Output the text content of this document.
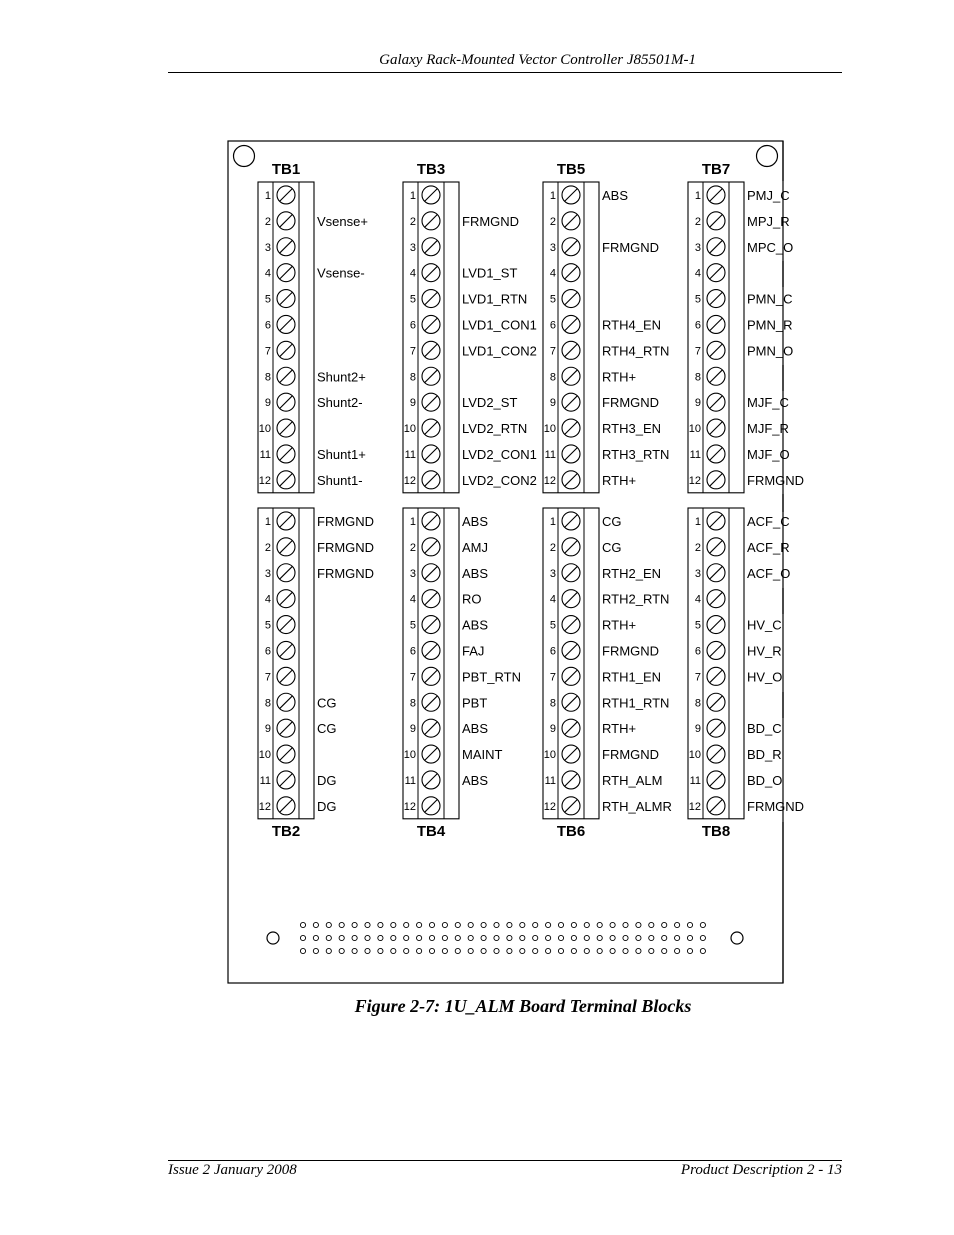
Galaxy Rack-Mounted Vector Controller J85501M-1
TB1
1
2	Vsense+
3
4	Vsense-
5
6
7
8	Shunt2+
9	Shunt2-
10
11	Shunt1+
12	Shunt1-
TB3
1
2	FRMGND
3
4	LVD1_ST
5	LVD1_RTN
6	LVD1_CON1
7	LVD1_CON2
8
9	LVD2_ST
10	LVD2_RTN
11	LVD2_CON1
12	LVD2_CON2
TB5
1	ABS
2
3	FRMGND
4
5
6	RTH4_EN
7	RTH4_RTN
8	RTH+
9	FRMGND
10	RTH3_EN
11	RTH3_RTN
12	RTH+
TB7
1	PMJ_C
2	MPJ_R
3	MPC_O
4
5	PMN_C
6	PMN_R
7	PMN_O
8
9	MJF_C
10	MJF_R
11	MJF_O
12	FRMGND
TB2
1	FRMGND
2	FRMGND
3	FRMGND
4
5
6
7
8	CG
9	CG
10
11	DG
12	DG
TB4
1	ABS
2	AMJ
3	ABS
4	RO
5	ABS
6	FAJ
7	PBT_RTN
8	PBT
9	ABS
10	MAINT
11	ABS
12
TB6
1	CG
2	CG
3	RTH2_EN
4	RTH2_RTN
5	RTH+
6	FRMGND
7	RTH1_EN
8	RTH1_RTN
9	RTH+
10	FRMGND
11	RTH_ALM
12	RTH_ALMR
TB8
1	ACF_C
2	ACF_R
3	ACF_O
4
5	HV_C
6	HV_R
7	HV_O
8
9	BD_C
10	BD_R
11	BD_O
12	FRMGND
Figure 2-7: 1U_ALM Board Terminal Blocks
Issue 2 January 2008	Product Description 2 - 13
